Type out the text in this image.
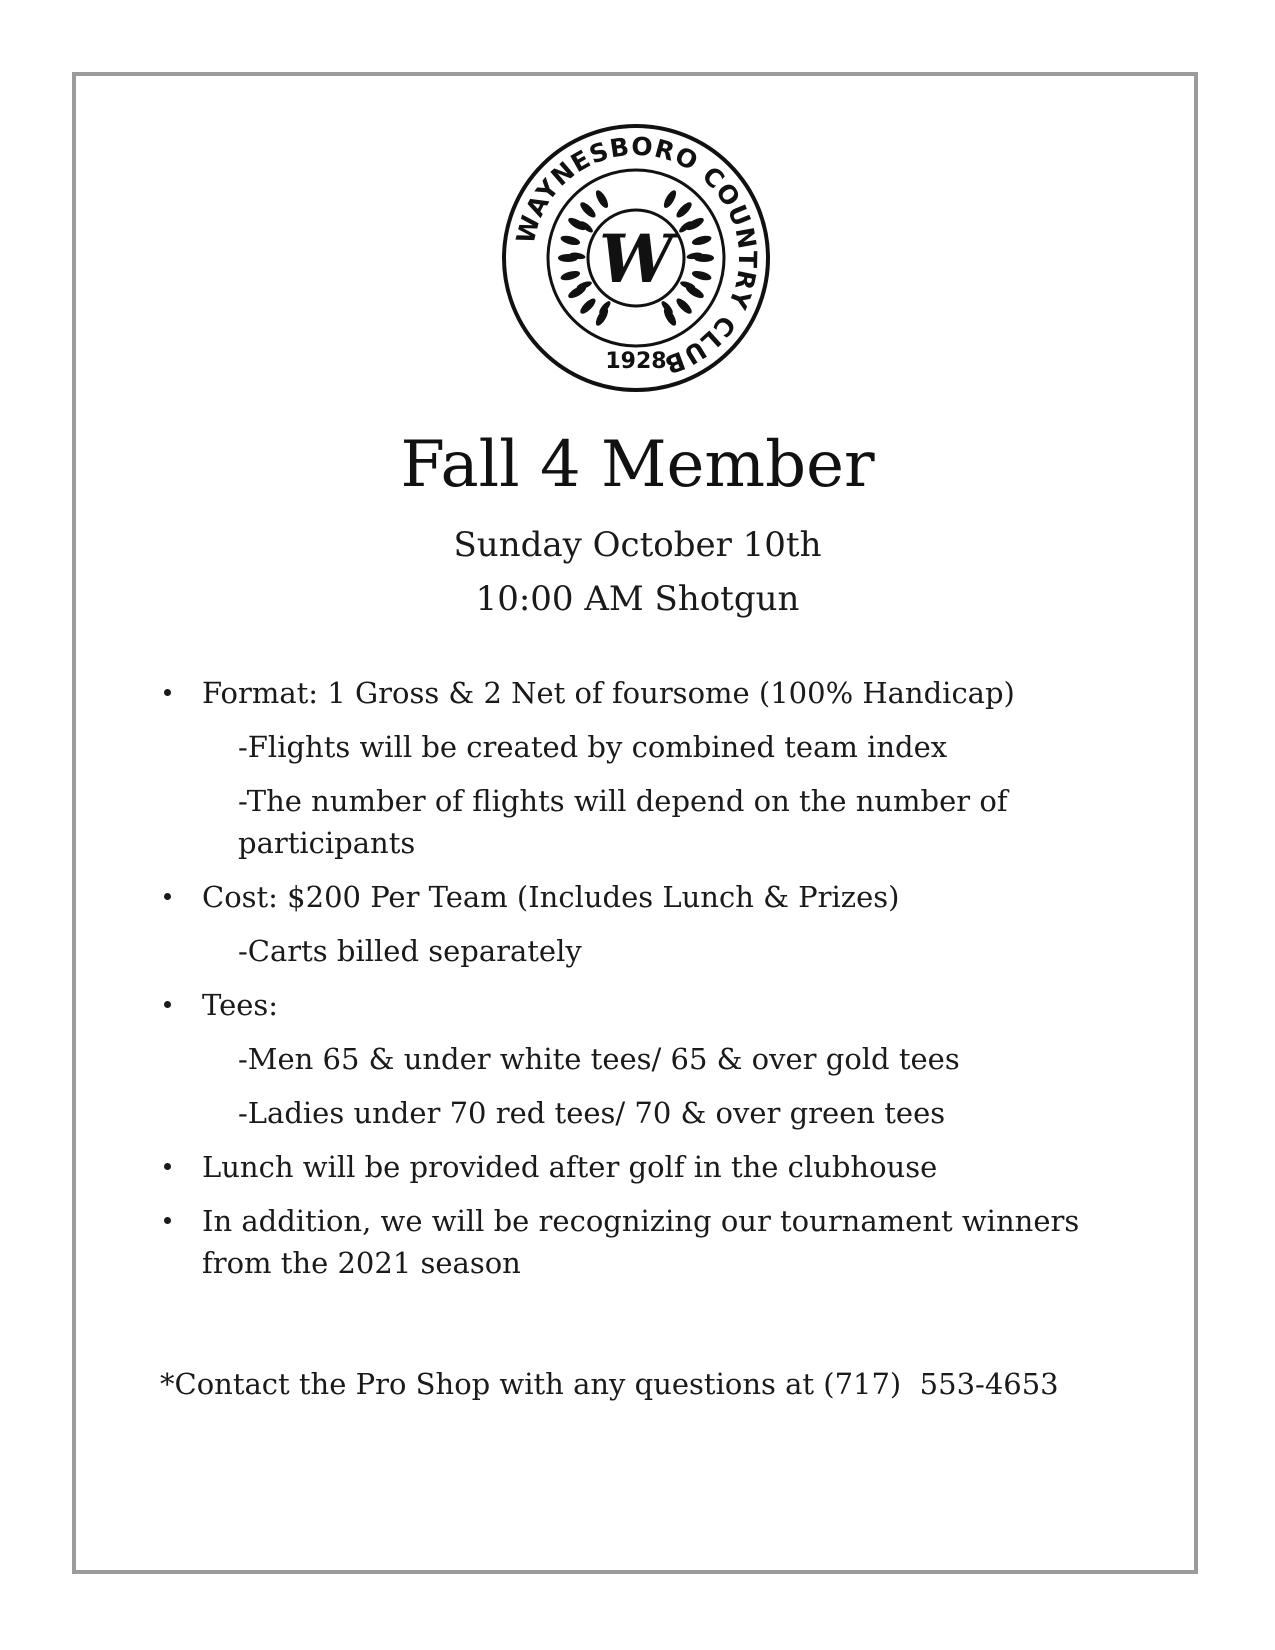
WAYNESBORO COUNTRY CLUB
1928
W
Fall 4 Member
Sunday October 10th
10:00 AM Shotgun
Format: 1 Gross & 2 Net of foursome (100% Handicap)
-Flights will be created by combined team index
-The number of flights will depend on the number of participants
Cost: $200 Per Team (Includes Lunch & Prizes)
-Carts billed separately
Tees:
-Men 65 & under white tees/ 65 & over gold tees
-Ladies under 70 red tees/ 70 & over green tees
Lunch will be provided after golf in the clubhouse
In addition, we will be recognizing our tournament winners from the 2021 season
*Contact the Pro Shop with any questions at (717)  553-4653
